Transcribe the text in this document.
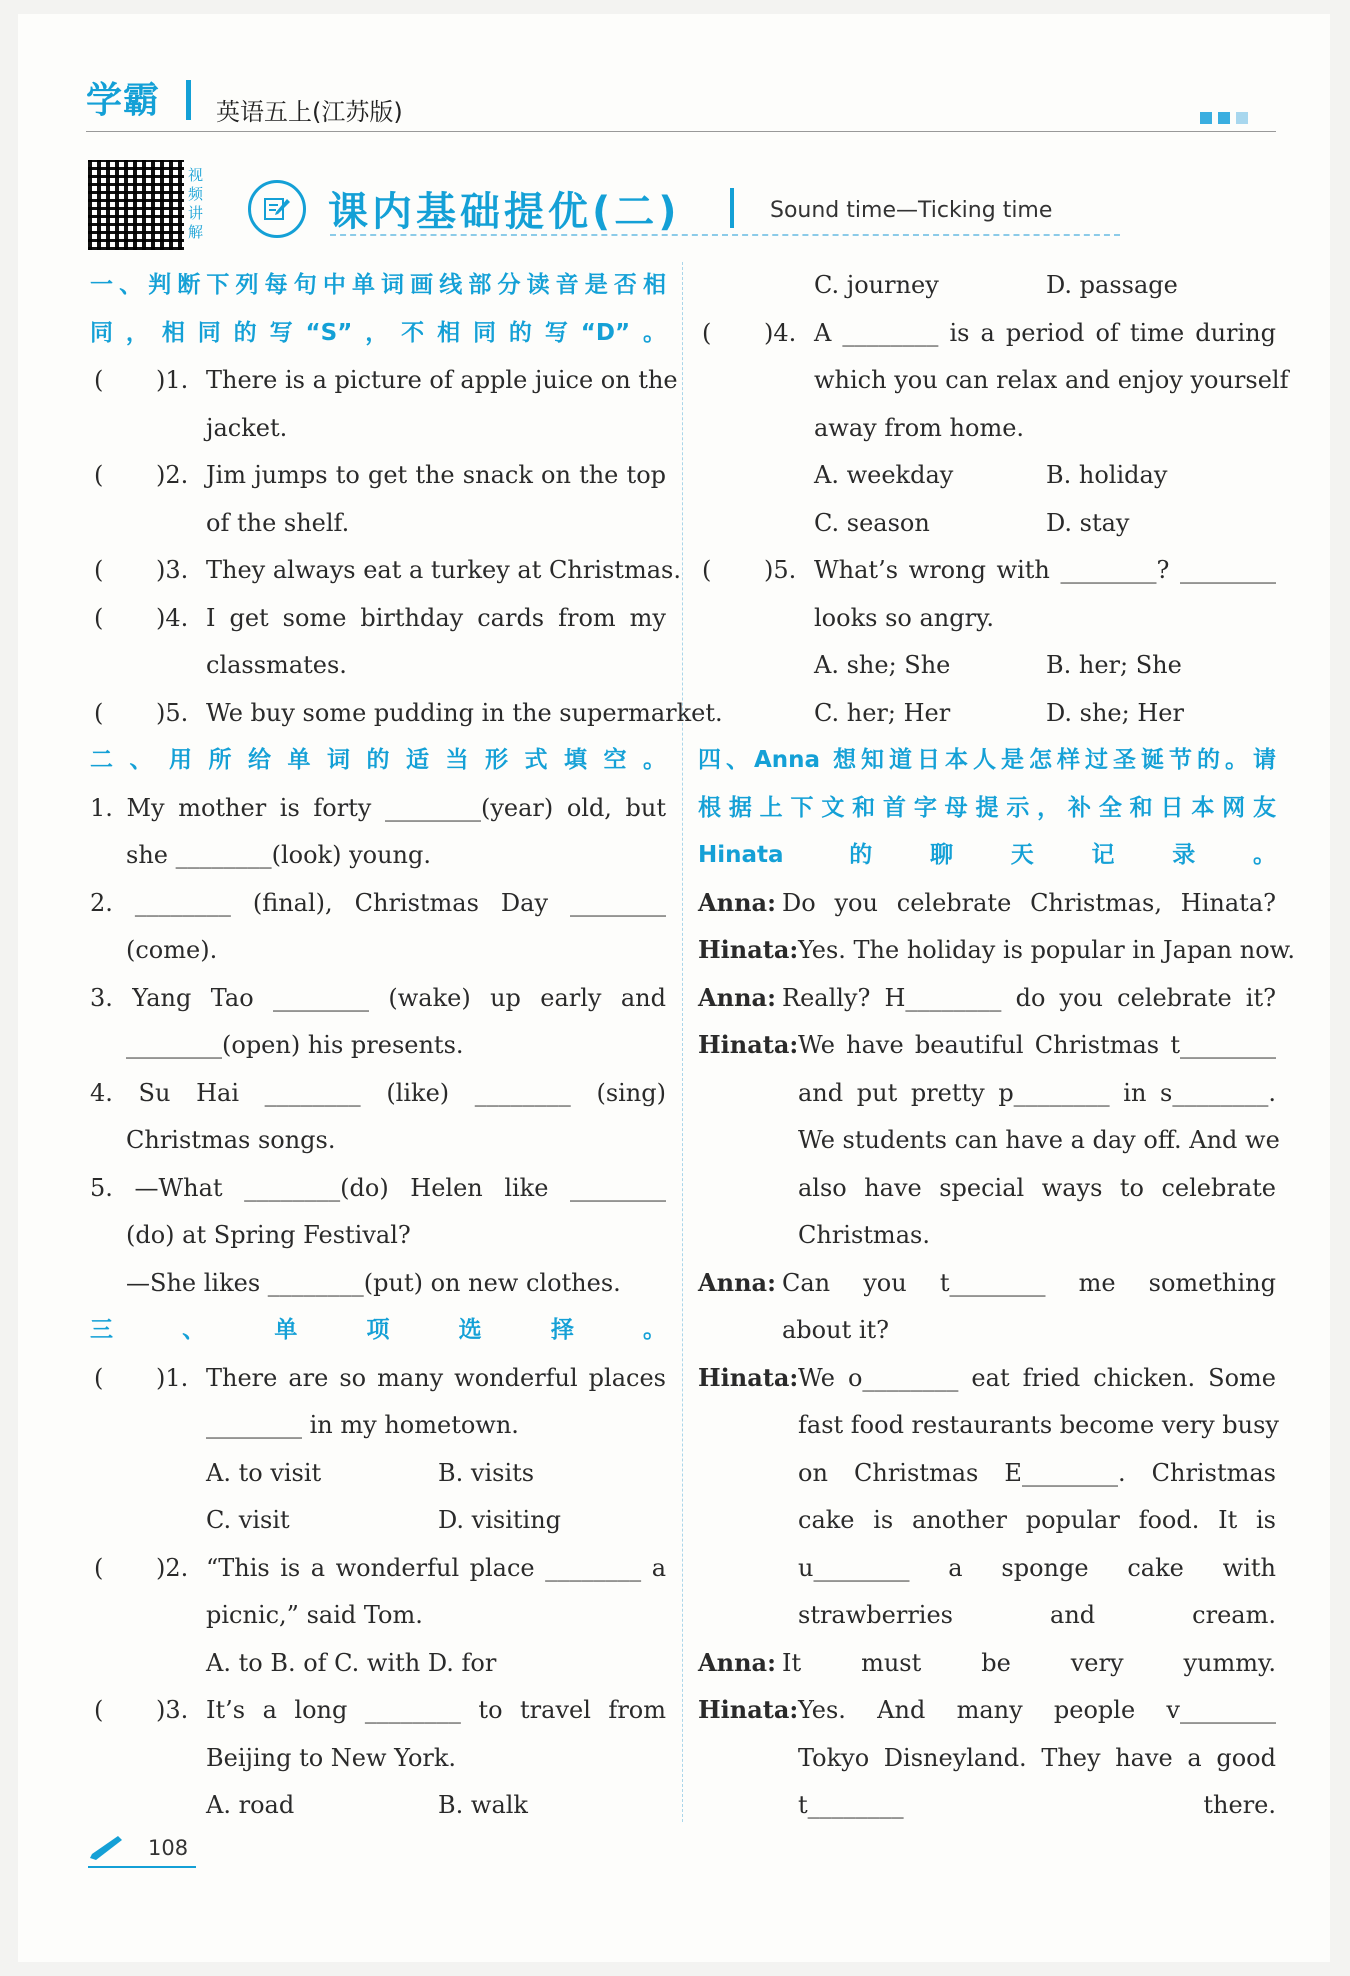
学霸 英语五上(江苏版)
视频讲解	课内基础提优(二)	Sound time—Ticking time
108
一、判断下列每句中单词画线部分读音是否相
同，相同的写“S”，不相同的写“D”。
( )1. There is a picture of apple juice on the
jacket.
( )2. Jim jumps to get the snack on the top
of the shelf.
( )3. They always eat a turkey at Christmas.
( )4. I get some birthday cards from my
classmates.
( )5. We buy some pudding in the supermarket.
二、用所给单词的适当形式填空。
1. My mother is forty ________(year) old, but
she ________(look) young.
2. ________ (final), Christmas Day ________
(come).
3. Yang Tao ________ (wake) up early and
________(open) his presents.
4. Su Hai ________ (like) ________ (sing)
Christmas songs.
5. —What ________(do) Helen like ________
(do) at Spring Festival?
—She likes ________(put) on new clothes.
三、单项选择。
( )1. There are so many wonderful places
________ in my hometown.
A. to visit	B. visits
C. visit	D. visiting
( )2. “This is a wonderful place ________ a
picnic,” said Tom.
A. to B. of C. with D. for
( )3. It’s a long ________ to travel from
Beijing to New York.
A. road	B. walk
C. journey	D. passage
( )4. A ________ is a period of time during
which you can relax and enjoy yourself
away from home.
A. weekday	B. holiday
C. season	D. stay
( )5. What’s wrong with ________? ________
looks so angry.
A. she; She	B. her; She
C. her; Her	D. she; Her
四、Anna 想知道日本人是怎样过圣诞节的。请
根据上下文和首字母提示，补全和日本网友
Hinata 的聊天记录。
Anna: Do you celebrate Christmas, Hinata?
Hinata: Yes. The holiday is popular in Japan now.
Anna: Really? H________ do you celebrate it?
Hinata: We have beautiful Christmas t________
and put pretty p________ in s________.
We students can have a day off. And we
also have special ways to celebrate
Christmas.
Anna: Can you t________ me something
about it?
Hinata: We o________ eat fried chicken. Some
fast food restaurants become very busy
on Christmas E________. Christmas
cake is another popular food. It is
u________ a sponge cake with
strawberries and cream.
Anna: It must be very yummy.
Hinata: Yes. And many people v________
Tokyo Disneyland. They have a good
t________ there.
